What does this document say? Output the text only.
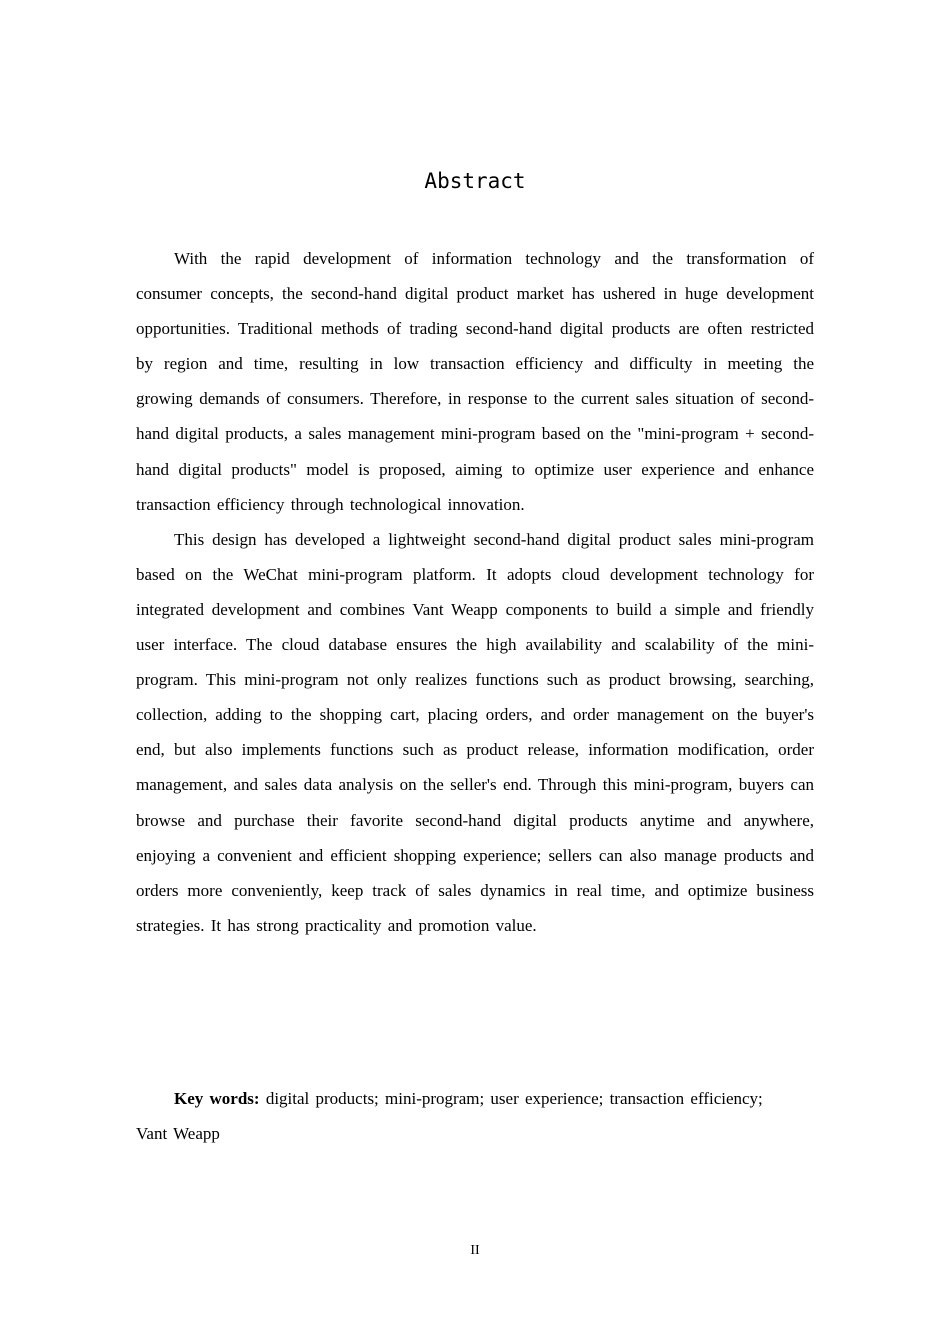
Abstract

With the rapid development of information technology and the transformation of consumer concepts, the second-hand digital product market has ushered in huge development opportunities. Traditional methods of trading second-hand digital products are often restricted by region and time, resulting in low transaction efficiency and difficulty in meeting the growing demands of consumers. Therefore, in response to the current sales situation of second-hand digital products, a sales management mini-program based on the "mini-program + second-hand digital products" model is proposed, aiming to optimize user experience and enhance transaction efficiency through technological innovation.

This design has developed a lightweight second-hand digital product sales mini-program based on the WeChat mini-program platform. It adopts cloud development technology for integrated development and combines Vant Weapp components to build a simple and friendly user interface. The cloud database ensures the high availability and scalability of the mini-program. This mini-program not only realizes functions such as product browsing, searching, collection, adding to the shopping cart, placing orders, and order management on the buyer's end, but also implements functions such as product release, information modification, order management, and sales data analysis on the seller's end. Through this mini-program, buyers can browse and purchase their favorite second-hand digital products anytime and anywhere, enjoying a convenient and efficient shopping experience; sellers can also manage products and orders more conveniently, keep track of sales dynamics in real time, and optimize business strategies. It has strong practicality and promotion value.

Key words: digital products; mini-program; user experience; transaction efficiency; Vant Weapp

II
